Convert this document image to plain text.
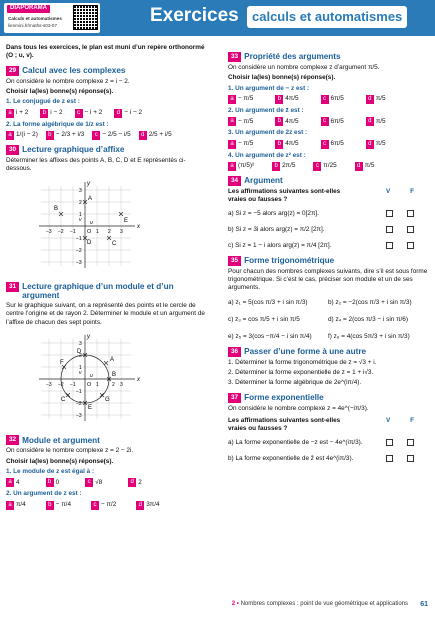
DIAPORAMA
Calculs et automatismes
lienmini.fr/maths-s03-07	Exercices	calculs et automatismes

Dans tous les exercices, le plan est muni d’un repère orthonormé (O ; u, v).

29 Calcul avec les complexes

On considère le nombre complexe z = i − 2.

Choisir la(les) bonne(s) réponse(s).

1. Le conjugué de z est :

a i + 2	b i − 2	c − i + 2	d − i − 2

2. La forme algébrique de 1/z est :

a 1/(i − 2)	b − 2/3 + i/3	c − 2/5 − i/5	d 2/5 + i/5
30 Lecture graphique d’affixe

Déterminer les affixes des points A, B, C, D et E représentés ci-dessous.

x
y
O
u
v
−3 −2 −1	1 2 3
3
2
1
−1
−2
−3
A
B
C
D
E
31 Lecture graphique d’un module et d’un argument

Sur le graphique suivant, on a représenté des points et le cercle de centre l’origine et de rayon 2. Déterminer le module et un argument de l’affixe de chacun des sept points.

x
y
O
u
v
−3 −2 −1	1	2 3
3
2
1
−1
−2
−3
A
B
C
D
E
F
G
32 Module et argument

On considère le nombre complexe z = 2 − 2i.

Choisir la(les) bonne(s) réponse(s).

1. Le module de z est égal à :

a 4	b 0	c √8	d 2

2. Un argument de z est :

a π/4	b − π/4	c − π/2	d 3π/4
33 Propriété des arguments

On considère un nombre complexe z d’argument π/5.

Choisir la(les) bonne(s) réponse(s).

1. Un argument de − z est :

a − π/5	b 4π/5	c 6π/5	d π/5

2. Un argument de z̄ est :

a − π/5	b 4π/5	c 6π/5	d π/5

3. Un argument de 2z est :

a − π/5	b 4π/5	c 6π/5	d π/5

4. Un argument de z² est :

a (π/5)²	b 2π/5	c π/25	d π/5
34 Argument

Les affirmations suivantes sont-elles vraies ou fausses ?

V	F
a) Si z = −5 alors arg(z) = 0[2π].
b) Si z = 3i alors arg(z) = π/2 [2π].
c) Si z = 1 − i alors arg(z) = π/4 [2π].
35 Forme trigonométrique

Pour chacun des nombres complexes suivants, dire s’il est sous forme trigonométrique. Si c’est le cas, préciser son module et un de ses arguments.

a) z₁ = 5(cos π/3 + i sin π/3)	b) z₂ = −2(cos π/3 + i sin π/3)
c) z₃ = cos π/5 + i sin π/5	d) z₄ = 2(cos π/3 − i sin π/6)
e) z₅ = 3(cos −π/4 − i sin π/4)	f) z₆ = 4(cos 5π/3 + i sin π/3)
36 Passer d’une forme à une autre

1. Déterminer la forme trigonométrique de z = √3 + i.

2. Déterminer la forme exponentielle de z = 1 + i√3.

3. Déterminer la forme algébrique de 2e^(iπ/4).

37 Forme exponentielle

On considère le nombre complexe z = 4e^(−iπ/3).

Les affirmations suivantes sont-elles vraies ou fausses ?

V	F
a) La forme exponentielle de −z est − 4e^(iπ/3).
b) La forme exponentielle de z̄ est 4e^(iπ/3).
2 • Nombres complexes : point de vue géométrique et applications 61
